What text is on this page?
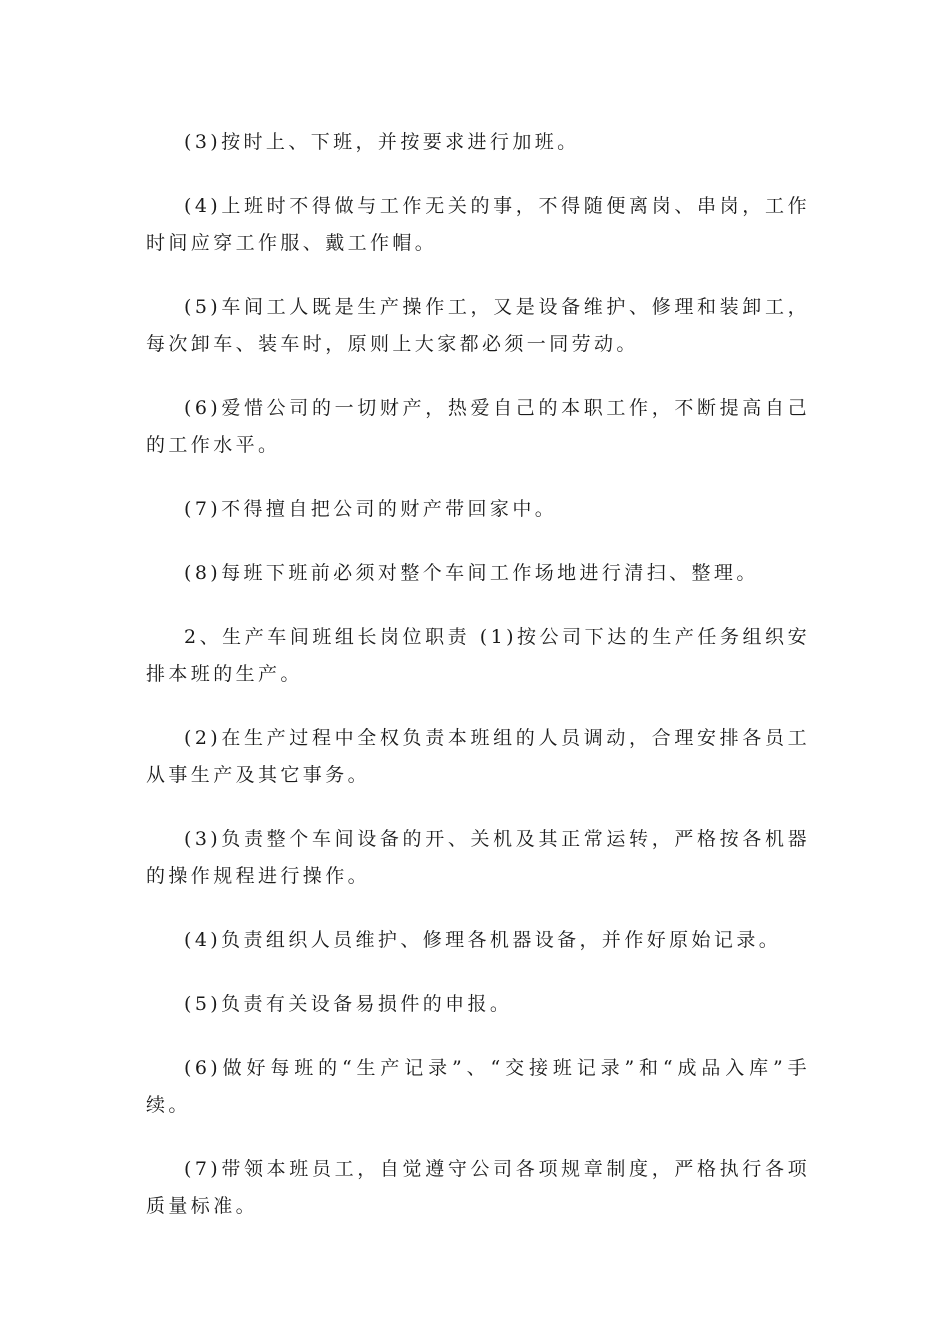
(3)按时上、下班，并按要求进行加班。

(4)上班时不得做与工作无关的事，不得随便离岗、串岗，工作时间应穿工作服、戴工作帽。

(5)车间工人既是生产操作工，又是设备维护、修理和装卸工，每次卸车、装车时，原则上大家都必须一同劳动。

(6)爱惜公司的一切财产，热爱自己的本职工作，不断提高自己的工作水平。

(7)不得擅自把公司的财产带回家中。

(8)每班下班前必须对整个车间工作场地进行清扫、整理。

2、生产车间班组长岗位职责 (1)按公司下达的生产任务组织安排本班的生产。

(2)在生产过程中全权负责本班组的人员调动，合理安排各员工从事生产及其它事务。

(3)负责整个车间设备的开、关机及其正常运转，严格按各机器的操作规程进行操作。

(4)负责组织人员维护、修理各机器设备，并作好原始记录。

(5)负责有关设备易损件的申报。

(6)做好每班的“生产记录”、“交接班记录”和“成品入库”手续。

(7)带领本班员工，自觉遵守公司各项规章制度，严格执行各项质量标准。
